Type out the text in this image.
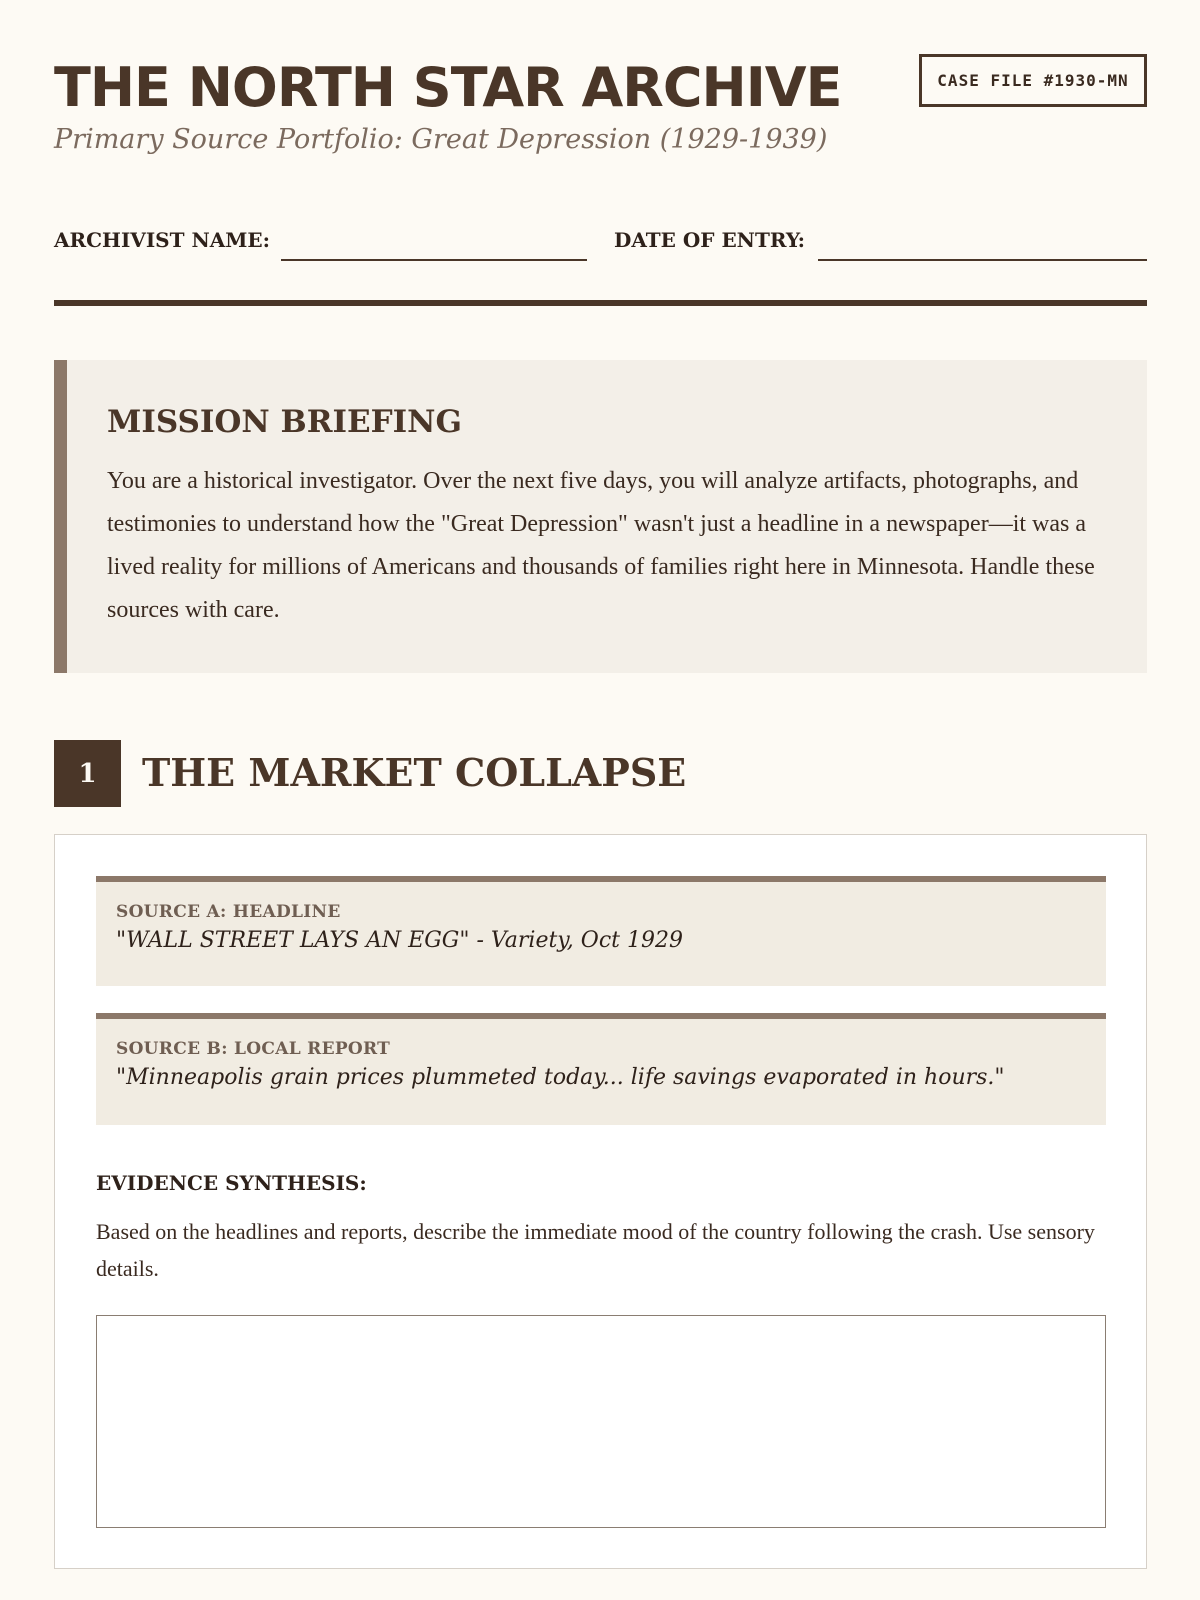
THE NORTH STAR ARCHIVE
Primary Source Portfolio: Great Depression (1929-1939)
CASE FILE #1930-MN
ARCHIVIST NAME:	DATE OF ENTRY:
MISSION BRIEFING

You are a historical investigator. Over the next five days, you will analyze artifacts, photographs, and testimonies to understand how the "Great Depression" wasn't just a headline in a newspaper—it was a lived reality for millions of Americans and thousands of families right here in Minnesota. Handle these sources with care.

1	THE MARKET COLLAPSE
SOURCE A: HEADLINE
"WALL STREET LAYS AN EGG" - Variety, Oct 1929
SOURCE B: LOCAL REPORT
"Minneapolis grain prices plummeted today... life savings evaporated in hours."
EVIDENCE SYNTHESIS:
Based on the headlines and reports, describe the immediate mood of the country following the crash. Use sensory details.
